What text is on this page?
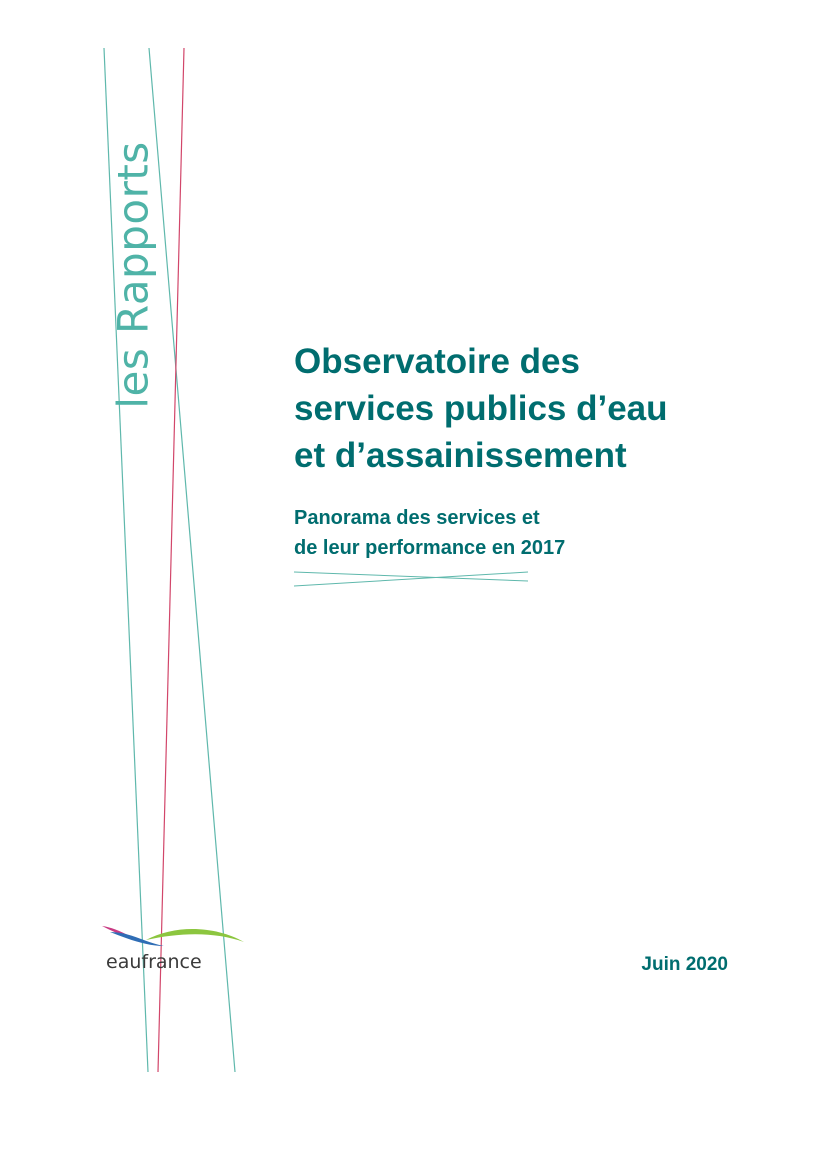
les Rapports	Observatoire des
services publics d’eau
et d’assainissement
Panorama des services et
de leur performance en 2017
eaufrance	Juin 2020
